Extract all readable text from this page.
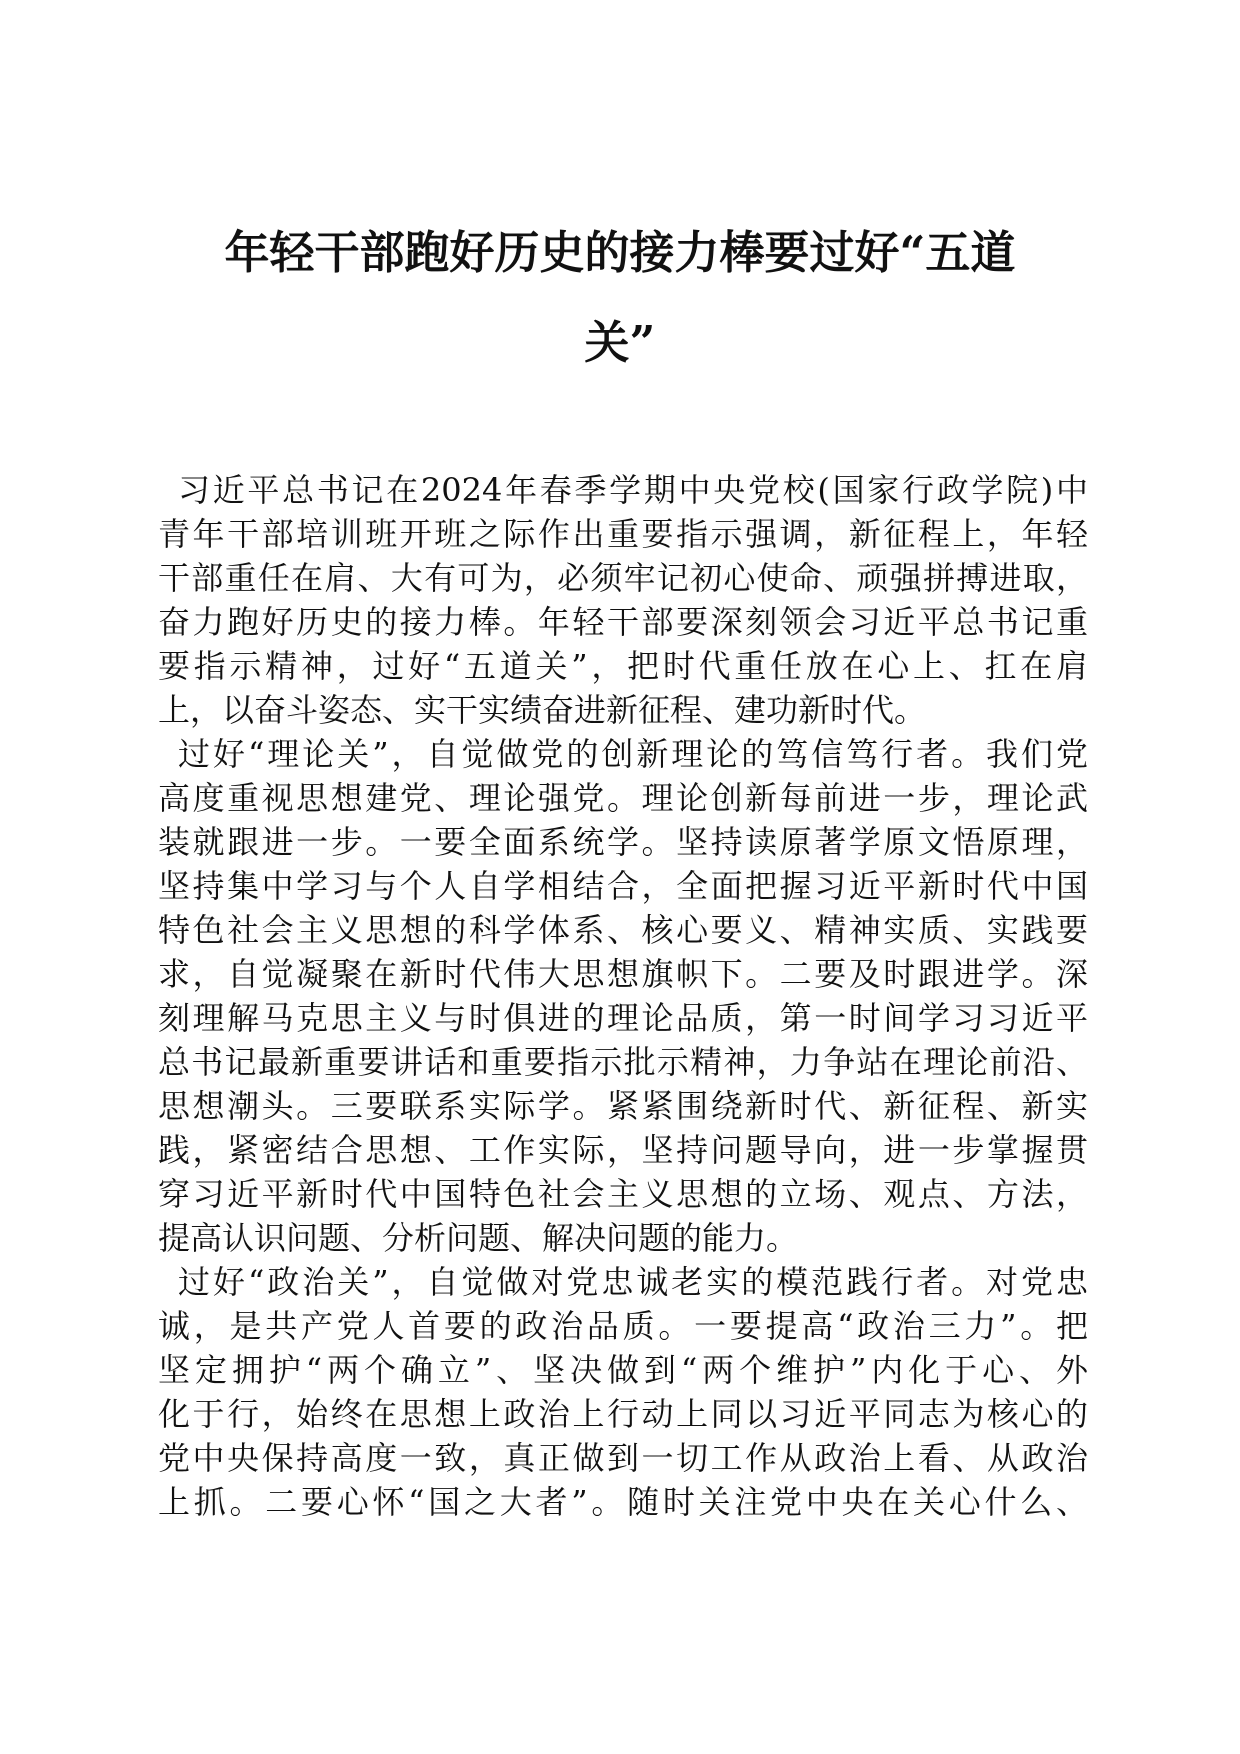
年轻干部跑好历史的接力棒要过好“五道
关”
习近平总书记在2024年春季学期中央党校(国家行政学院)中
青年干部培训班开班之际作出重要指示强调，新征程上，年轻
干部重任在肩、大有可为，必须牢记初心使命、顽强拼搏进取，
奋力跑好历史的接力棒。年轻干部要深刻领会习近平总书记重
要指示精神，过好“五道关”，把时代重任放在心上、扛在肩
上，以奋斗姿态、实干实绩奋进新征程、建功新时代。
过好“理论关”，自觉做党的创新理论的笃信笃行者。我们党
高度重视思想建党、理论强党。理论创新每前进一步，理论武
装就跟进一步。一要全面系统学。坚持读原著学原文悟原理，
坚持集中学习与个人自学相结合，全面把握习近平新时代中国
特色社会主义思想的科学体系、核心要义、精神实质、实践要
求，自觉凝聚在新时代伟大思想旗帜下。二要及时跟进学。深
刻理解马克思主义与时俱进的理论品质，第一时间学习习近平
总书记最新重要讲话和重要指示批示精神，力争站在理论前沿、
思想潮头。三要联系实际学。紧紧围绕新时代、新征程、新实
践，紧密结合思想、工作实际，坚持问题导向，进一步掌握贯
穿习近平新时代中国特色社会主义思想的立场、观点、方法，
提高认识问题、分析问题、解决问题的能力。
过好“政治关”，自觉做对党忠诚老实的模范践行者。对党忠
诚，是共产党人首要的政治品质。一要提高“政治三力”。把
坚定拥护“两个确立”、坚决做到“两个维护”内化于心、外
化于行，始终在思想上政治上行动上同以习近平同志为核心的
党中央保持高度一致，真正做到一切工作从政治上看、从政治
上抓。二要心怀“国之大者”。随时关注党中央在关心什么、
